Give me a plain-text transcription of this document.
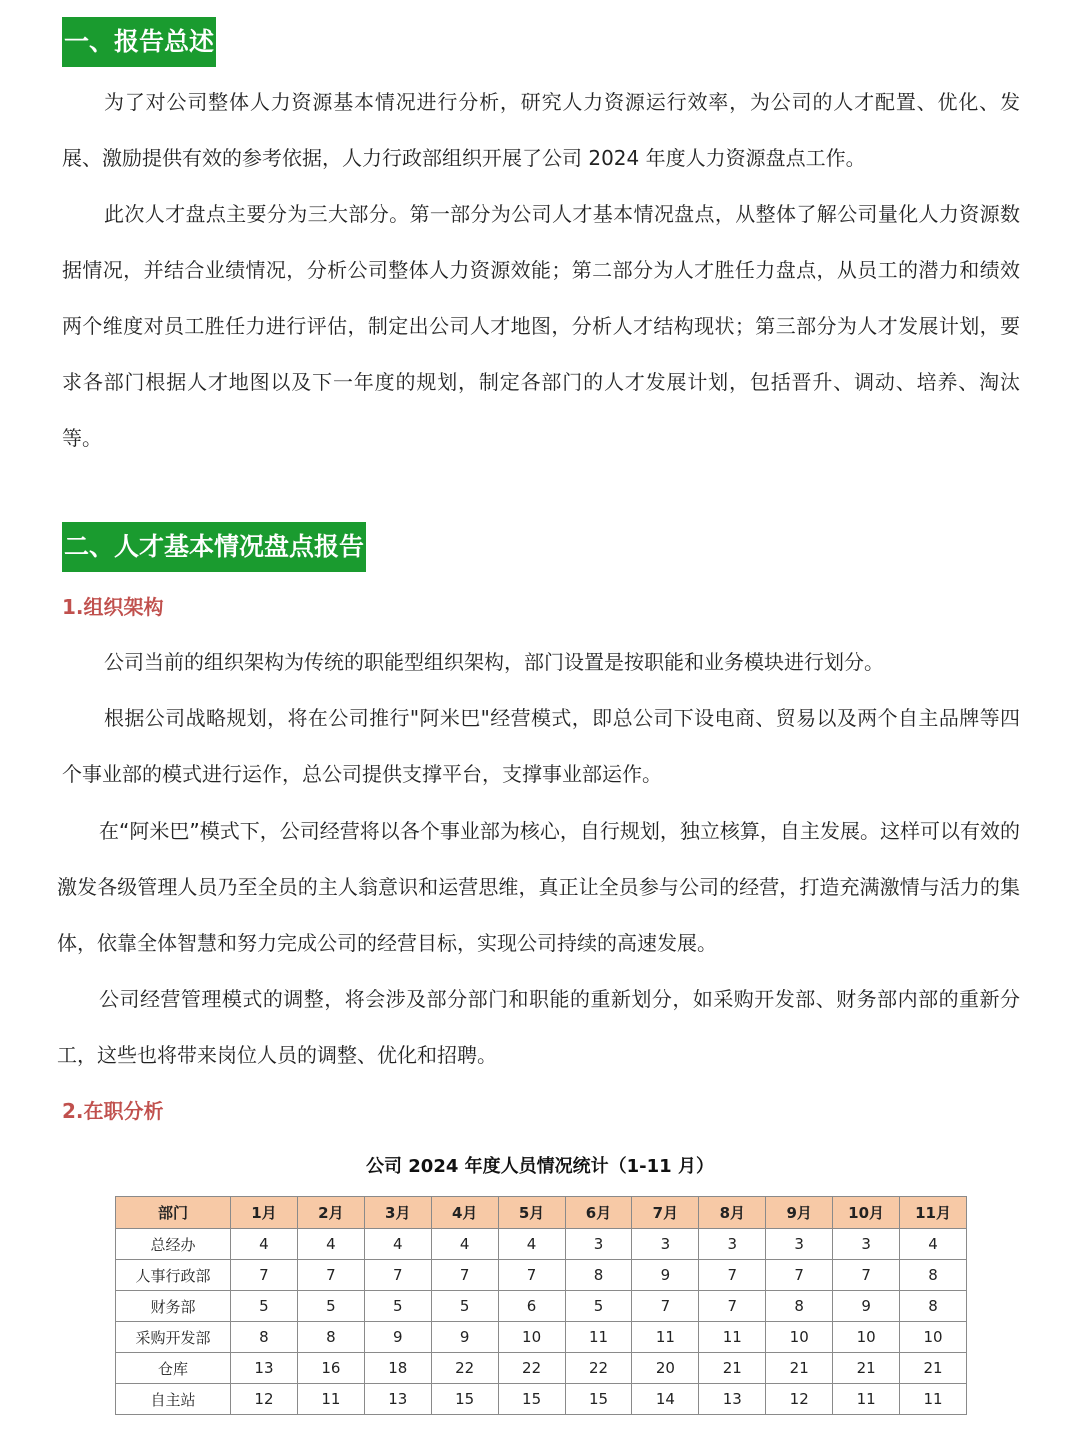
一、报告总述

为了对公司整体人力资源基本情况进行分析，研究人力资源运行效率，为公司的人才配置、优化、发展、激励提供有效的参考依据，人力行政部组织开展了公司 2024 年度人力资源盘点工作。

此次人才盘点主要分为三大部分。第一部分为公司人才基本情况盘点，从整体了解公司量化人力资源数据情况，并结合业绩情况，分析公司整体人力资源效能；第二部分为人才胜任力盘点，从员工的潜力和绩效两个维度对员工胜任力进行评估，制定出公司人才地图，分析人才结构现状；第三部分为人才发展计划，要求各部门根据人才地图以及下一年度的规划，制定各部门的人才发展计划，包括晋升、调动、培养、淘汰等。

二、人才基本情况盘点报告
1.组织架构

公司当前的组织架构为传统的职能型组织架构，部门设置是按职能和业务模块进行划分。

根据公司战略规划，将在公司推行"阿米巴"经营模式，即总公司下设电商、贸易以及两个自主品牌等四个事业部的模式进行运作，总公司提供支撑平台，支撑事业部运作。

在“阿米巴”模式下，公司经营将以各个事业部为核心，自行规划，独立核算，自主发展。这样可以有效的激发各级管理人员乃至全员的主人翁意识和运营思维，真正让全员参与公司的经营，打造充满激情与活力的集体，依靠全体智慧和努力完成公司的经营目标，实现公司持续的高速发展。

公司经营管理模式的调整，将会涉及部分部门和职能的重新划分，如采购开发部、财务部内部的重新分工，这些也将带来岗位人员的调整、优化和招聘。

2.在职分析
公司 2024 年度人员情况统计（1-11 月）
部门	1月	2月	3月	4月	5月	6月	7月	8月	9月	10月	11月
总经办	4	4	4	4	4	3	3	3	3	3	4
人事行政部	7	7	7	7	7	8	9	7	7	7	8
财务部	5	5	5	5	6	5	7	7	8	9	8
采购开发部	8	8	9	9	10	11	11	11	10	10	10
仓库	13	16	18	22	22	22	20	21	21	21	21
自主站	12	11	13	15	15	15	14	13	12	11	11
